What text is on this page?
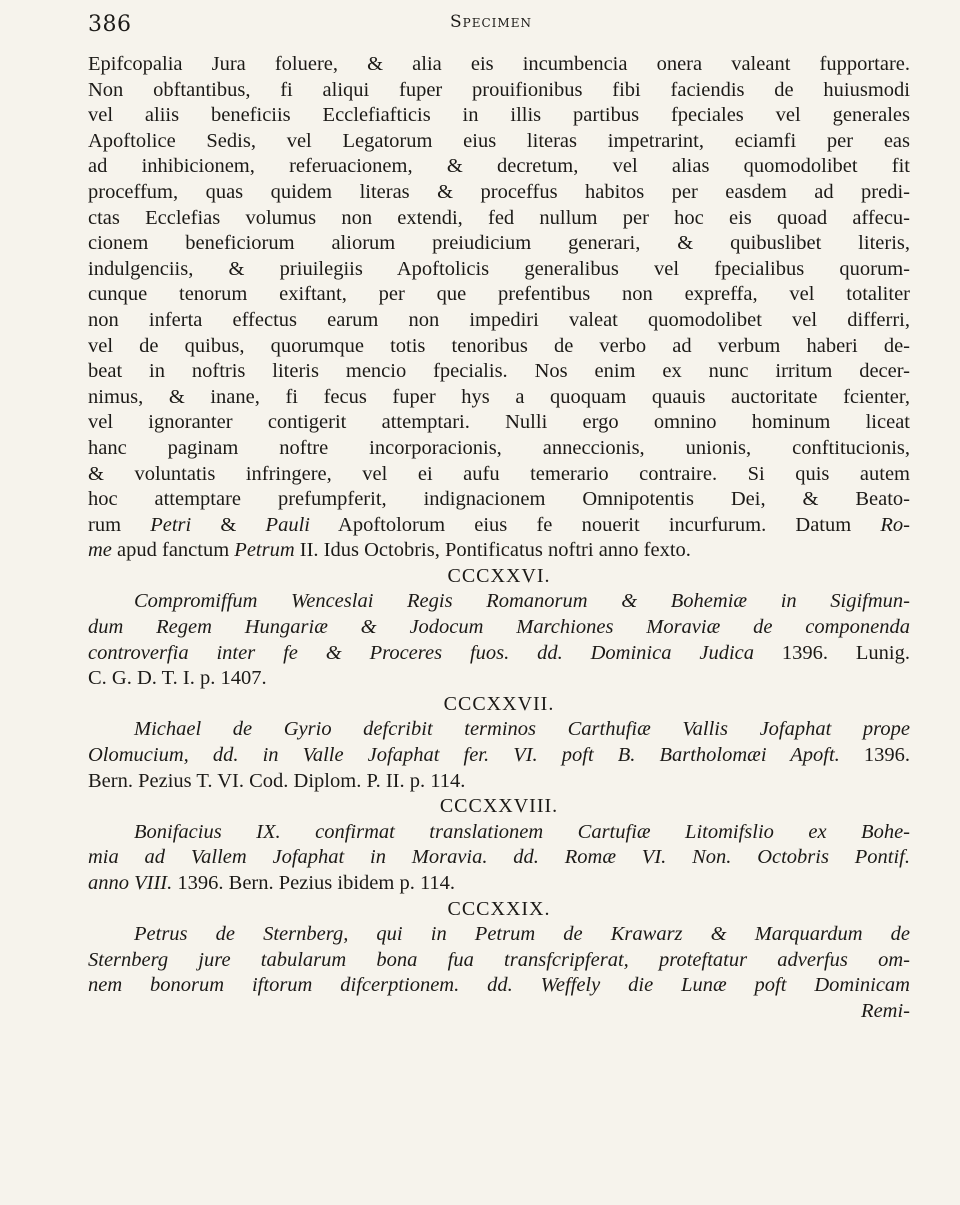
386	Specimen
Epifcopalia Jura foluere, & alia eis incumbencia onera valeant fupportare.
Non obftantibus, fi aliqui fuper prouifionibus fibi faciendis de huiusmodi
vel aliis beneficiis Ecclefiafticis in illis partibus fpeciales vel generales
Apoftolice Sedis, vel Legatorum eius literas impetrarint, eciamfi per eas
ad inhibicionem, referuacionem, & decretum, vel alias quomodolibet fit
proceffum, quas quidem literas & proceffus habitos per easdem ad predi-
ctas Ecclefias volumus non extendi, fed nullum per hoc eis quoad affecu-
cionem beneficiorum aliorum preiudicium generari, & quibuslibet literis,
indulgenciis, & priuilegiis Apoftolicis generalibus vel fpecialibus quorum-
cunque tenorum exiftant, per que prefentibus non expreffa, vel totaliter
non inferta effectus earum non impediri valeat quomodolibet vel differri,
vel de quibus, quorumque totis tenoribus de verbo ad verbum haberi de-
beat in noftris literis mencio fpecialis. Nos enim ex nunc irritum decer-
nimus, & inane, fi fecus fuper hys a quoquam quauis auctoritate fcienter,
vel ignoranter contigerit attemptari. Nulli ergo omnino hominum liceat
hanc paginam noftre incorporacionis, anneccionis, unionis, conftitucionis,
& voluntatis infringere, vel ei aufu temerario contraire. Si quis autem
hoc attemptare prefumpferit, indignacionem Omnipotentis Dei, & Beato-
rum Petri & Pauli Apoftolorum eius fe nouerit incurfurum. Datum Ro-
me apud fanctum Petrum II. Idus Octobris, Pontificatus noftri anno fexto.
CCCXXVI.
Compromiffum Wenceslai Regis Romanorum & Bohemiæ in Sigifmun-
dum Regem Hungariæ & Jodocum Marchiones Moraviæ de componenda
controverfia inter fe & Proceres fuos. dd. Dominica Judica 1396. Lunig.
C. G. D. T. I. p. 1407.
CCCXXVII.
Michael de Gyrio defcribit terminos Carthufiæ Vallis Jofaphat prope
Olomucium, dd. in Valle Jofaphat fer. VI. poft B. Bartholomæi Apoft. 1396.
Bern. Pezius T. VI. Cod. Diplom. P. II. p. 114.
CCCXXVIII.
Bonifacius IX. confirmat translationem Cartufiæ Litomifslio ex Bohe-
mia ad Vallem Jofaphat in Moravia. dd. Romæ VI. Non. Octobris Pontif.
anno VIII. 1396. Bern. Pezius ibidem p. 114.
CCCXXIX.
Petrus de Sternberg, qui in Petrum de Krawarz & Marquardum de
Sternberg jure tabularum bona fua transfcripferat, proteftatur adverfus om-
nem bonorum iftorum difcerptionem. dd. Weffely die Lunæ poft Dominicam
Remi-
